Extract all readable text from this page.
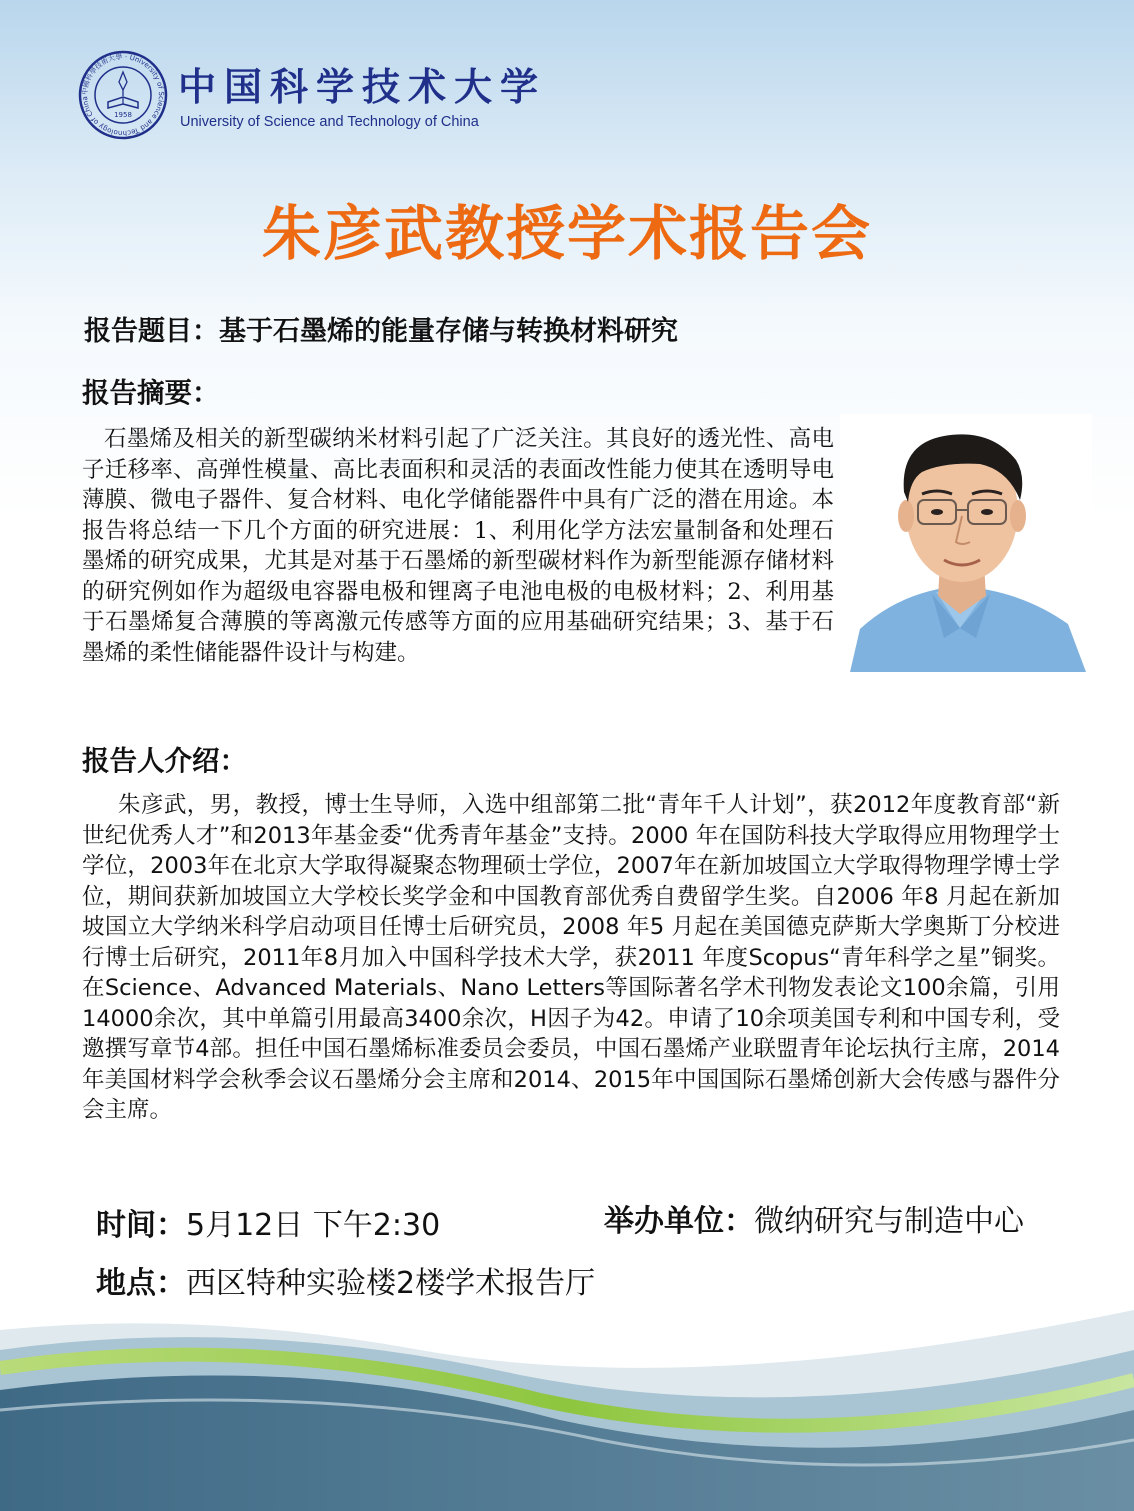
中國科學技術大學 · University of Science and Technology of China
1958
中国科学技术大学
University of Science and Technology of China
朱彦武教授学术报告会
报告题目：基于石墨烯的能量存储与转换材料研究
报告摘要：

石墨烯及相关的新型碳纳米材料引起了广泛关注。其良好的透光性、高电子迁移率、高弹性模量、高比表面积和灵活的表面改性能力使其在透明导电薄膜、微电子器件、复合材料、电化学储能器件中具有广泛的潜在用途。本报告将总结一下几个方面的研究进展：1、利用化学方法宏量制备和处理石墨烯的研究成果，尤其是对基于石墨烯的新型碳材料作为新型能源存储材料的研究例如作为超级电容器电极和锂离子电池电极的电极材料；2、利用基于石墨烯复合薄膜的等离激元传感等方面的应用基础研究结果；3、基于石墨烯的柔性储能器件设计与构建。

报告人介绍：

朱彦武，男，教授，博士生导师，入选中组部第二批“青年千人计划”，获2012年度教育部“新世纪优秀人才”和2013年基金委“优秀青年基金”支持。2000 年在国防科技大学取得应用物理学士学位，2003年在北京大学取得凝聚态物理硕士学位，2007年在新加坡国立大学取得物理学博士学位，期间获新加坡国立大学校长奖学金和中国教育部优秀自费留学生奖。自2006 年8 月起在新加坡国立大学纳米科学启动项目任博士后研究员，2008 年5 月起在美国德克萨斯大学奥斯丁分校进行博士后研究，2011年8月加入中国科学技术大学，获2011 年度Scopus“青年科学之星”铜奖。在Science、Advanced Materials、Nano Letters等国际著名学术刊物发表论文100余篇，引用14000余次，其中单篇引用最高3400余次，H因子为42。申请了10余项美国专利和中国专利，受邀撰写章节4部。担任中国石墨烯标准委员会委员，中国石墨烯产业联盟青年论坛执行主席，2014年美国材料学会秋季会议石墨烯分会主席和2014、2015年中国国际石墨烯创新大会传感与器件分会主席。

时间：5月12日 下午2:30	举办单位：微纳研究与制造中心
地点：西区特种实验楼2楼学术报告厅
